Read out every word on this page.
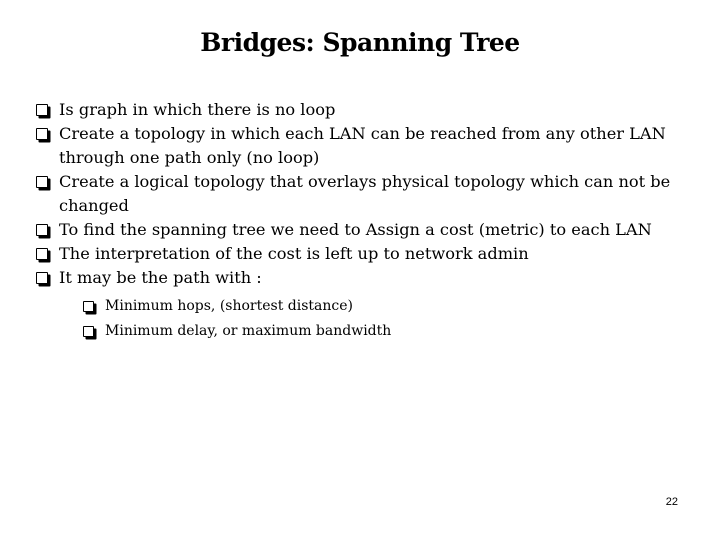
Bridges: Spanning Tree
Is graph in which there is no loop
Create a topology in which each LAN can be reached from any other LAN through one path only (no loop)
Create a logical topology that overlays physical topology which can not be changed
To find the spanning tree we need to Assign a cost (metric) to each LAN
The interpretation of the cost is left up to network admin
It may be the path with :
Minimum hops, (shortest distance)
Minimum delay, or maximum bandwidth
22
